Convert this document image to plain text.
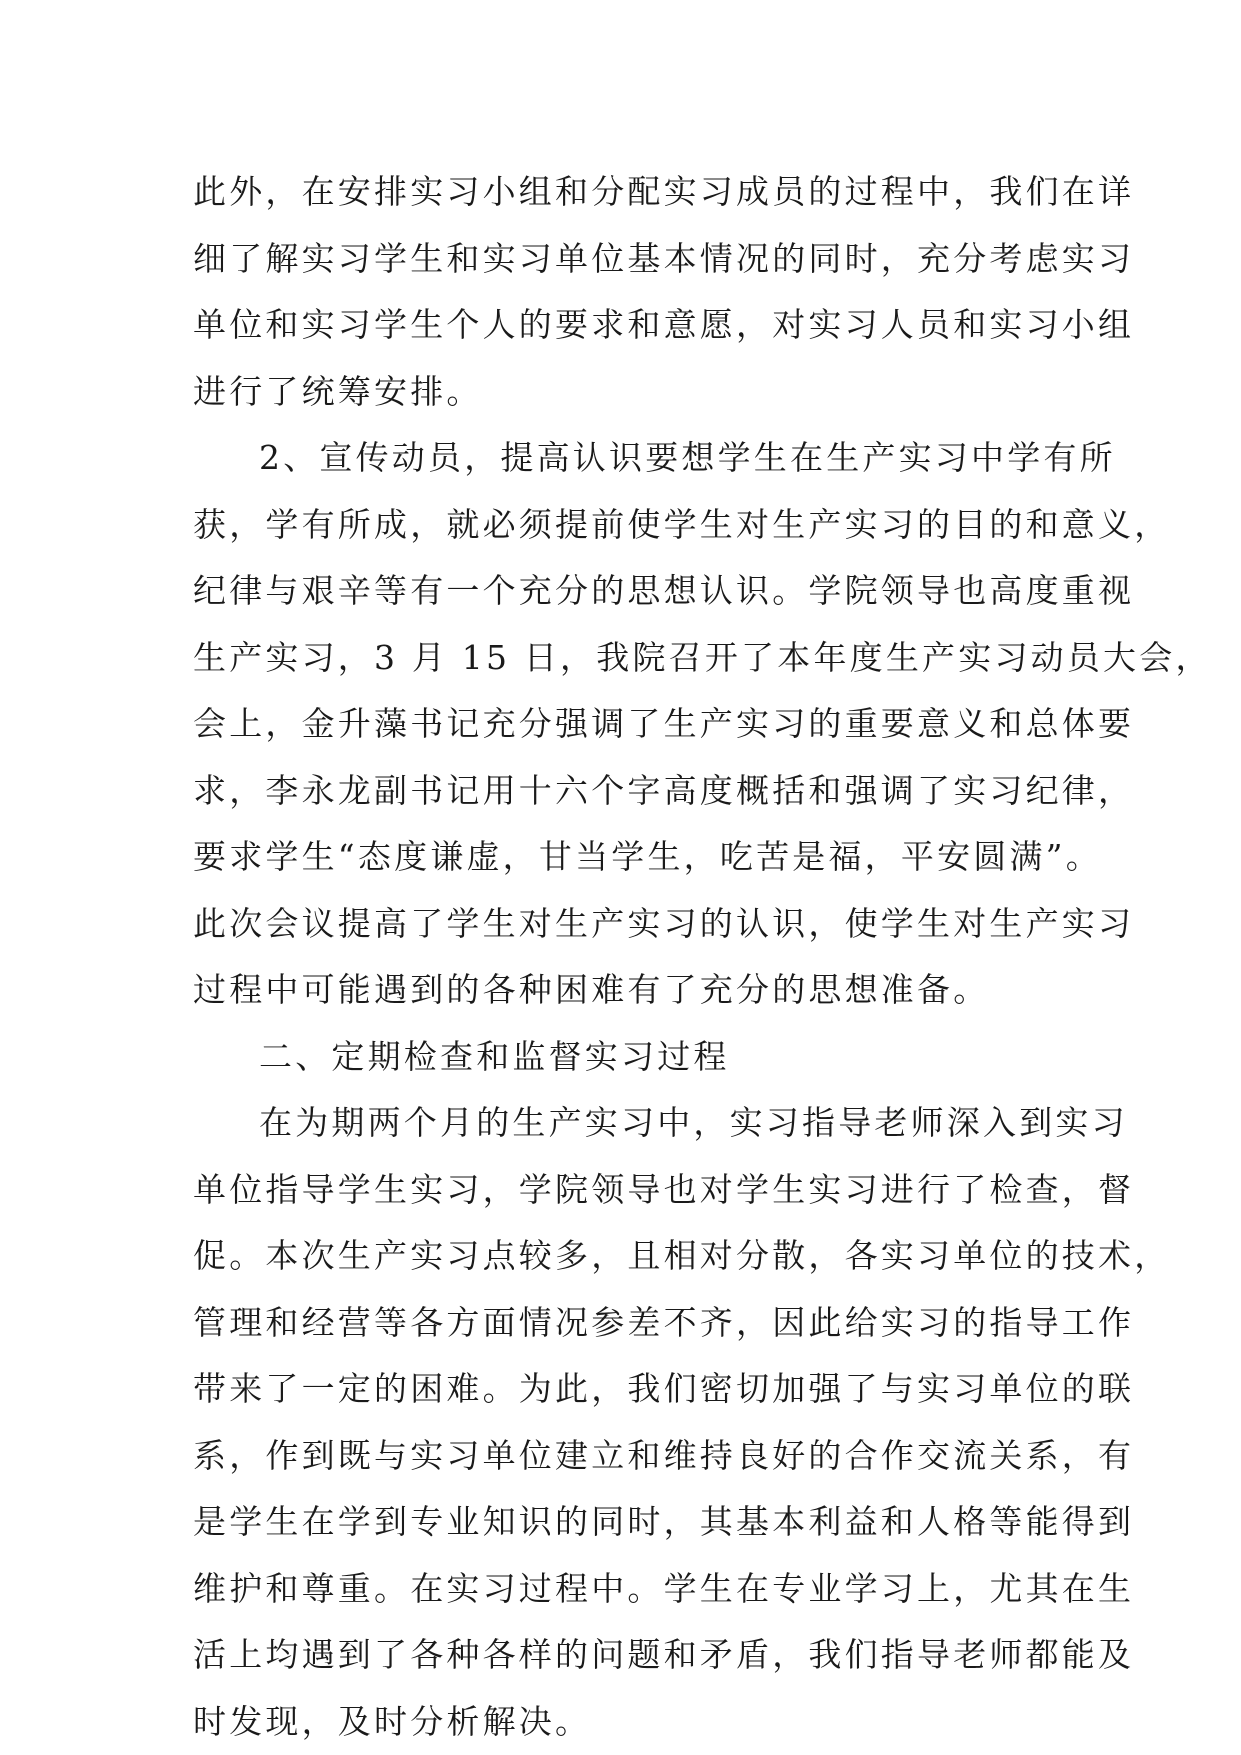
此外，在安排实习小组和分配实习成员的过程中，我们在详
细了解实习学生和实习单位基本情况的同时，充分考虑实习
单位和实习学生个人的要求和意愿，对实习人员和实习小组
进行了统筹安排。
2、宣传动员，提高认识要想学生在生产实习中学有所
获，学有所成，就必须提前使学生对生产实习的目的和意义，
纪律与艰辛等有一个充分的思想认识。学院领导也高度重视
生产实习，3 月 15 日，我院召开了本年度生产实习动员大会，
会上，金升藻书记充分强调了生产实习的重要意义和总体要
求，李永龙副书记用十六个字高度概括和强调了实习纪律，
要求学生“态度谦虚，甘当学生，吃苦是福，平安圆满”。
此次会议提高了学生对生产实习的认识，使学生对生产实习
过程中可能遇到的各种困难有了充分的思想准备。
二、定期检查和监督实习过程
在为期两个月的生产实习中，实习指导老师深入到实习
单位指导学生实习，学院领导也对学生实习进行了检查，督
促。本次生产实习点较多，且相对分散，各实习单位的技术，
管理和经营等各方面情况参差不齐，因此给实习的指导工作
带来了一定的困难。为此，我们密切加强了与实习单位的联
系，作到既与实习单位建立和维持良好的合作交流关系，有
是学生在学到专业知识的同时，其基本利益和人格等能得到
维护和尊重。在实习过程中。学生在专业学习上，尤其在生
活上均遇到了各种各样的问题和矛盾，我们指导老师都能及
时发现，及时分析解决。
